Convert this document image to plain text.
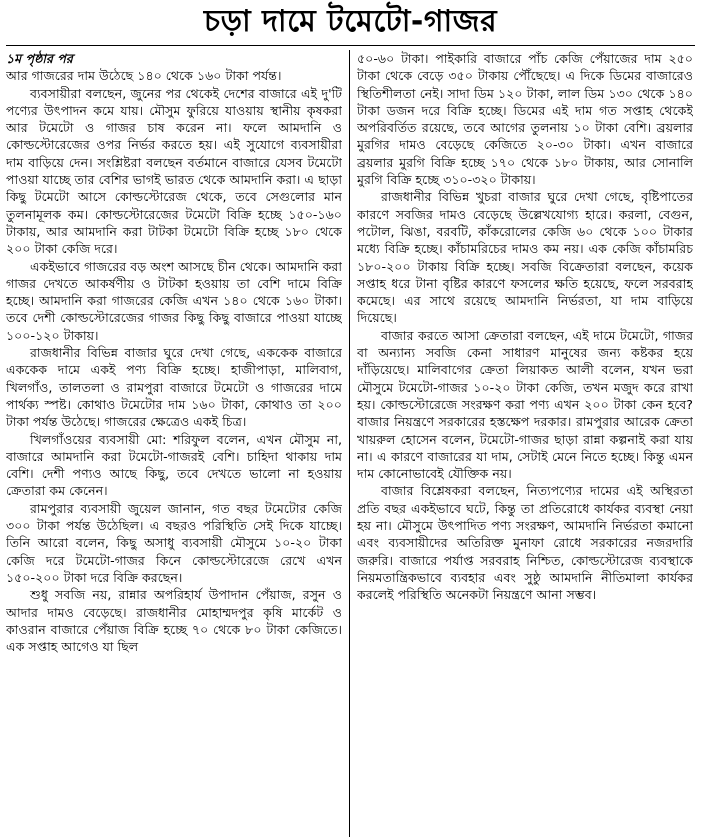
চড়া দামে টমেটো-গাজর
১ম পৃষ্ঠার পর

আর গাজরের দাম উঠেছে ১৪০ থেকে ১৬০ টাকা পর্যন্ত।

ব্যবসায়ীরা বলছেন, জুনের পর থেকেই দেশের বাজারে এই দু'টি পণ্যের উৎপাদন কমে যায়। মৌসুম ফুরিয়ে যাওয়ায় স্থানীয় কৃষকরা আর টমেটো ও গাজর চাষ করেন না। ফলে আমদানি ও কোল্ডস্টোরেজের ওপর নির্ভর করতে হয়। এই সুযোগে ব্যবসায়ীরা দাম বাড়িয়ে দেন। সংশ্লিষ্টরা বলছেন বর্তমানে বাজারে যেসব টমেটো পাওয়া যাচ্ছে তার বেশির ভাগই ভারত থেকে আমদানি করা। এ ছাড়া কিছু টমেটো আসে কোল্ডস্টোরেজ থেকে, তবে সেগুলোর মান তুলনামূলক কম। কোল্ডস্টোরেজের টমেটো বিক্রি হচ্ছে ১৫০-১৬০ টাকায়, আর আমদানি করা টাটকা টমেটো বিক্রি হচ্ছে ১৮০ থেকে ২০০ টাকা কেজি দরে।

একইভাবে গাজরের বড় অংশ আসছে চীন থেকে। আমদানি করা গাজর দেখতে আকর্ষণীয় ও টাটকা হওয়ায় তা বেশি দামে বিক্রি হচ্ছে। আমদানি করা গাজরের কেজি এখন ১৪০ থেকে ১৬০ টাকা। তবে দেশী কোল্ডস্টোরেজের গাজর কিছু কিছু বাজারে পাওয়া যাচ্ছে ১০০-১২০ টাকায়।

রাজধানীর বিভিন্ন বাজার ঘুরে দেখা গেছে, এককেক বাজারে এককেক দামে একই পণ্য বিক্রি হচ্ছে। হাজীপাড়া, মালিবাগ, খিলগাঁও, তালতলা ও রামপুরা বাজারে টমেটো ও গাজরের দামে পার্থক্য স্পষ্ট। কোথাও টমেটোর দাম ১৬০ টাকা, কোথাও তা ২০০ টাকা পর্যন্ত উঠেছে। গাজরের ক্ষেত্রেও একই চিত্র।

খিলগাঁওয়ের ব্যবসায়ী মো: শরিফুল বলেন, এখন মৌসুম না, বাজারে আমদানি করা টমেটো-গাজরই বেশি। চাহিদা থাকায় দাম বেশি। দেশী পণ্যও আছে কিছু, তবে দেখতে ভালো না হওয়ায় ক্রেতারা কম কেনেন।

রামপুরার ব্যবসায়ী জুয়েল জানান, গত বছর টমেটোর কেজি ৩০০ টাকা পর্যন্ত উঠেছিল। এ বছরও পরিস্থিতি সেই দিকে যাচ্ছে। তিনি আরো বলেন, কিছু অসাধু ব্যবসায়ী মৌসুমে ১০-২০ টাকা কেজি দরে টমেটো-গাজর কিনে কোল্ডস্টোরেজে রেখে এখন ১৫০-২০০ টাকা দরে বিক্রি করছেন।

শুধু সবজি নয়, রান্নার অপরিহার্য উপাদান পেঁয়াজ, রসুন ও আদার দামও বেড়েছে। রাজধানীর মোহাম্মদপুর কৃষি মার্কেট ও কাওরান বাজারে পেঁয়াজ বিক্রি হচ্ছে ৭০ থেকে ৮০ টাকা কেজিতে। এক সপ্তাহ আগেও যা ছিল

৫০-৬০ টাকা। পাইকারি বাজারে পাঁচ কেজি পেঁয়াজের দাম ২৫০ টাকা থেকে বেড়ে ৩৫০ টাকায় পৌঁছেছে। এ দিকে ডিমের বাজারেও স্থিতিশীলতা নেই। সাদা ডিম ১২০ টাকা, লাল ডিম ১৩০ থেকে ১৪০ টাকা ডজন দরে বিক্রি হচ্ছে। ডিমের এই দাম গত সপ্তাহ থেকেই অপরিবর্তিত রয়েছে, তবে আগের তুলনায় ১০ টাকা বেশি। ব্রয়লার মুরগির দামও বেড়েছে কেজিতে ২০-৩০ টাকা। এখন বাজারে ব্রয়লার মুরগি বিক্রি হচ্ছে ১৭০ থেকে ১৮০ টাকায়, আর সোনালি মুরগি বিক্রি হচ্ছে ৩১০-৩২০ টাকায়।

রাজধানীর বিভিন্ন খুচরা বাজার ঘুরে দেখা গেছে, বৃষ্টিপাতের কারণে সবজির দামও বেড়েছে উল্লেখযোগ্য হারে। করলা, বেগুন, পটোল, ঝিঙা, বরবটি, কাঁকরোলের কেজি ৬০ থেকে ১০০ টাকার মধ্যে বিক্রি হচ্ছে। কাঁচামরিচের দামও কম নয়। এক কেজি কাঁচামরিচ ১৮০-২০০ টাকায় বিক্রি হচ্ছে। সবজি বিক্রেতারা বলছেন, কয়েক সপ্তাহ ধরে টানা বৃষ্টির কারণে ফসলের ক্ষতি হয়েছে, ফলে সরবরাহ কমেছে। এর সাথে রয়েছে আমদানি নির্ভরতা, যা দাম বাড়িয়ে দিয়েছে।

বাজার করতে আসা ক্রেতারা বলছেন, এই দামে টমেটো, গাজর বা অন্যান্য সবজি কেনা সাধারণ মানুষের জন্য কষ্টকর হয়ে দাঁড়িয়েছে। মালিবাগের ক্রেতা লিয়াকত আলী বলেন, যখন ভরা মৌসুমে টমেটো-গাজর ১০-২০ টাকা কেজি, তখন মজুদ করে রাখা হয়। কোল্ডস্টোরেজে সংরক্ষণ করা পণ্য এখন ২০০ টাকা কেন হবে? বাজার নিয়ন্ত্রণে সরকারের হস্তক্ষেপ দরকার। রামপুরার আরেক ক্রেতা খায়রুল হোসেন বলেন, টমেটো-গাজর ছাড়া রান্না কল্পনাই করা যায় না। এ কারণে বাজারের যা দাম, সেটাই মেনে নিতে হচ্ছে। কিন্তু এমন দাম কোনোভাবেই যৌক্তিক নয়।

বাজার বিশ্লেষকরা বলছেন, নিত্যপণ্যের দামের এই অস্থিরতা প্রতি বছর একইভাবে ঘটে, কিন্তু তা প্রতিরোধে কার্যকর ব্যবস্থা নেয়া হয় না। মৌসুমে উৎপাদিত পণ্য সংরক্ষণ, আমদানি নির্ভরতা কমানো এবং ব্যবসায়ীদের অতিরিক্ত মুনাফা রোধে সরকারের নজরদারি জরুরি। বাজারে পর্যাপ্ত সরবরাহ নিশ্চিত, কোল্ডস্টোরেজ ব্যবস্থাকে নিয়মতান্ত্রিকভাবে ব্যবহার এবং সুষ্ঠু আমদানি নীতিমালা কার্যকর করলেই পরিস্থিতি অনেকটা নিয়ন্ত্রণে আনা সম্ভব।
